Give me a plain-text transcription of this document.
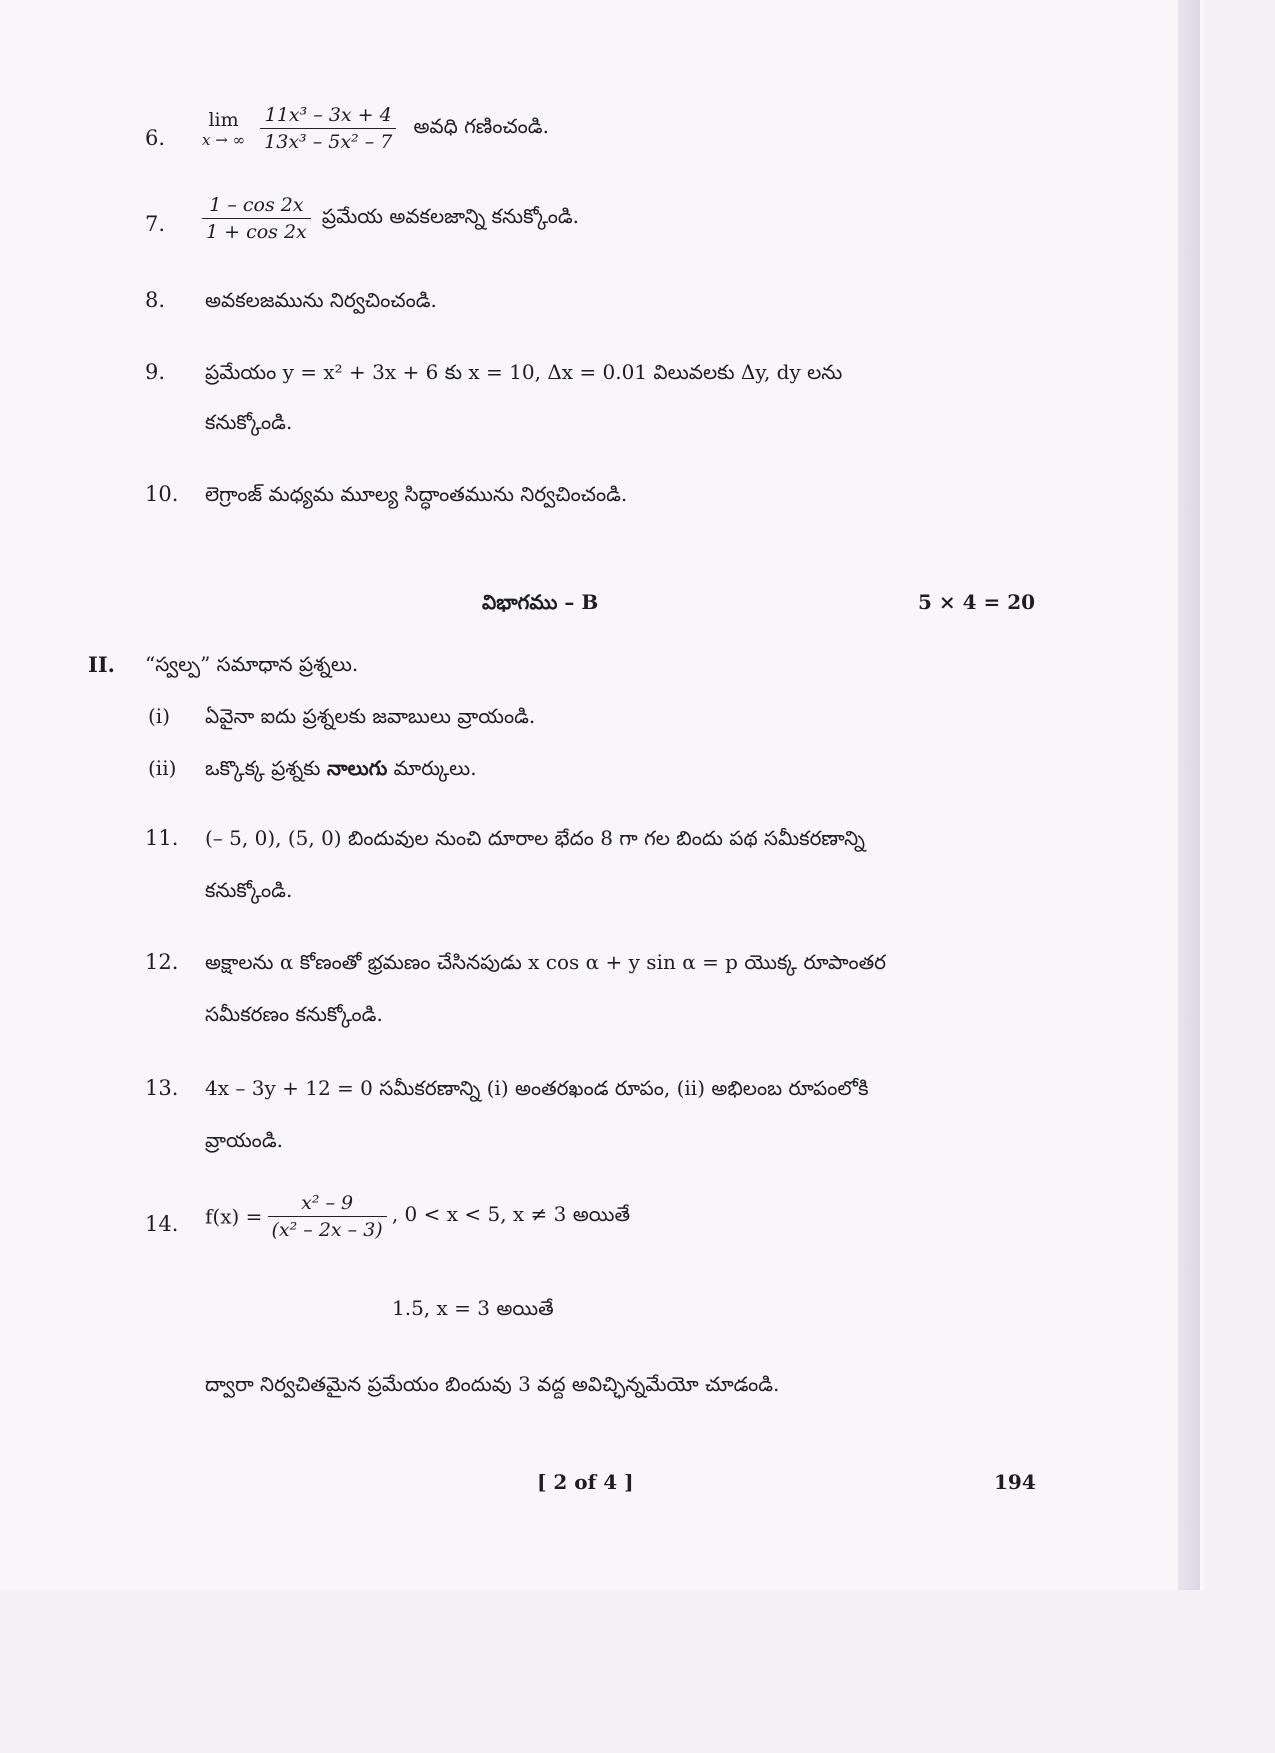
6.
lim
x → ∞
$\frac{\text{11x³ – 3x + 4}}{\text{13x³ – 5x² – 7}}$ అవధి గణించండి.
7. $\frac{1 - \cos 2x}{1 + \cos 2x}$ ప్రమేయ అవకలజాన్ని కనుక్కోండి.
8. అవకలజమును నిర్వచించండి.
9. ప్రమేయం y = x² + 3x + 6 కు x = 10, Δx = 0.01 విలువలకు Δy, dy లను
కనుక్కోండి.
10. లెగ్రాంజ్ మధ్యమ మూల్య సిద్ధాంతమును నిర్వచించండి.
విభాగము – B	5 × 4 = 20
II. “స్వల్ప” సమాధాన ప్రశ్నలు.
(i) ఏవైనా ఐదు ప్రశ్నలకు జవాబులు వ్రాయండి.
(ii) ఒక్కొక్క ప్రశ్నకు నాలుగు మార్కులు.
11. (– 5, 0), (5, 0) బిందువుల నుంచి దూరాల భేదం 8 గా గల బిందు పథ సమీకరణాన్ని
కనుక్కోండి.
12. అక్షాలను α కోణంతో భ్రమణం చేసినపుడు x cos α + y sin α = p యొక్క రూపాంతర
సమీకరణం కనుక్కోండి.
13. 4x – 3y + 12 = 0 సమీకరణాన్ని (i) అంతరఖండ రూపం, (ii) అభిలంబ రూపంలోకి
వ్రాయండి.
14. $f(x) = \frac{\text{x² – 9}}{\text{(x² – 2x – 3)}}$ , 0 < x < 5, x ≠ 3 అయితే
1.5, x = 3 అయితే
ద్వారా నిర్వచితమైన ప్రమేయం బిందువు 3 వద్ద అవిచ్ఛిన్నమేయో చూడండి.
[ 2 of 4 ]	194
